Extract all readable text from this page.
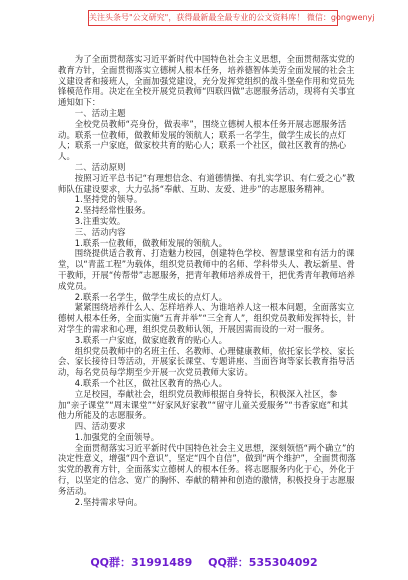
关注头条号"公文研究"，获得最新最全最专业的公文资料库！ 微信：gongwenyj

为了全面贯彻落实习近平新时代中国特色社会主义思想，全面贯彻落实党的教育方针，全面贯彻落实立德树人根本任务，培养德智体美劳全面发展的社会主义建设者和接班人，全面加强党建设，充分发挥党组织的战斗堡垒作用和党员先锋模范作用。决定在全校开展党员教师“四联四做”志愿服务活动，现将有关事宜通知如下：

一、活动主题

全校党员教师“亮身份，做表率”，围绕立德树人根本任务开展志愿服务活动。联系一位教师，做教师发展的领航人；联系一名学生，做学生成长的点灯人；联系一户家庭，做家校共育的贴心人；联系一个社区，做社区教育的热心人。

二、活动原则

按照习近平总书记“有理想信念、有道德情操、有扎实学识、有仁爱之心”教师队伍建设要求，大力弘扬“奉献、互助、友爱、进步”的志愿服务精神。

1.坚持党的领导。

2.坚持经常性服务。

3.注重实效。

三、活动内容

1.联系一位教师，做教师发展的领航人。

围绕提供适合教育、打造魅力校园，创建特色学校、智慧课堂和有活力的课堂，以“青蓝工程”为载体，组织党员教师中的名师、学科带头人、教坛新星、骨干教师，开展“传帮带”志愿服务，把青年教师培养成骨干，把优秀青年教师培养成党员。

2.联系一名学生，做学生成长的点灯人。

紧紧围绕培养什么人、怎样培养人、为谁培养人这一根本问题，全面落实立德树人根本任务，全面实施“五育并举”“三全育人”，组织党员教师发挥特长，针对学生的需求和心理，组织党员教师认领，开展因需而设的一对一服务。

3.联系一户家庭，做家庭教育的贴心人。

组织党员教师中的名班主任、名教师、心理健康教师，依托家长学校、家长会、家长接待日等活动，开展家长课堂、专题讲座、当面咨询等家长教育指导活动，每名党员每学期至少开展一次党员教师大家访。

4.联系一个社区，做社区教育的热心人。

立足校园，奉献社会，组织党员教师根据自身特长，积极深入社区，参加“亲子课堂”“周末课堂”“好家风好家教”“留守儿童关爱服务”“书香家庭”和其他力所能及的志愿服务。

四、活动要求

1.加强党的全面领导。

全面贯彻落实习近平新时代中国特色社会主义思想，深刻领悟“两个确立”的决定性意义，增强“四个意识”，坚定“四个自信”，做到“两个维护”，全面贯彻落实党的教育方针，全面落实立德树人的根本任务。将志愿服务内化于心，外化于行，以坚定的信念、宽广的胸怀、奉献的精神和创造的激情，积极投身于志愿服务活动。

2.坚持需求导向。

QQ群：31991489 QQ群：535304092
